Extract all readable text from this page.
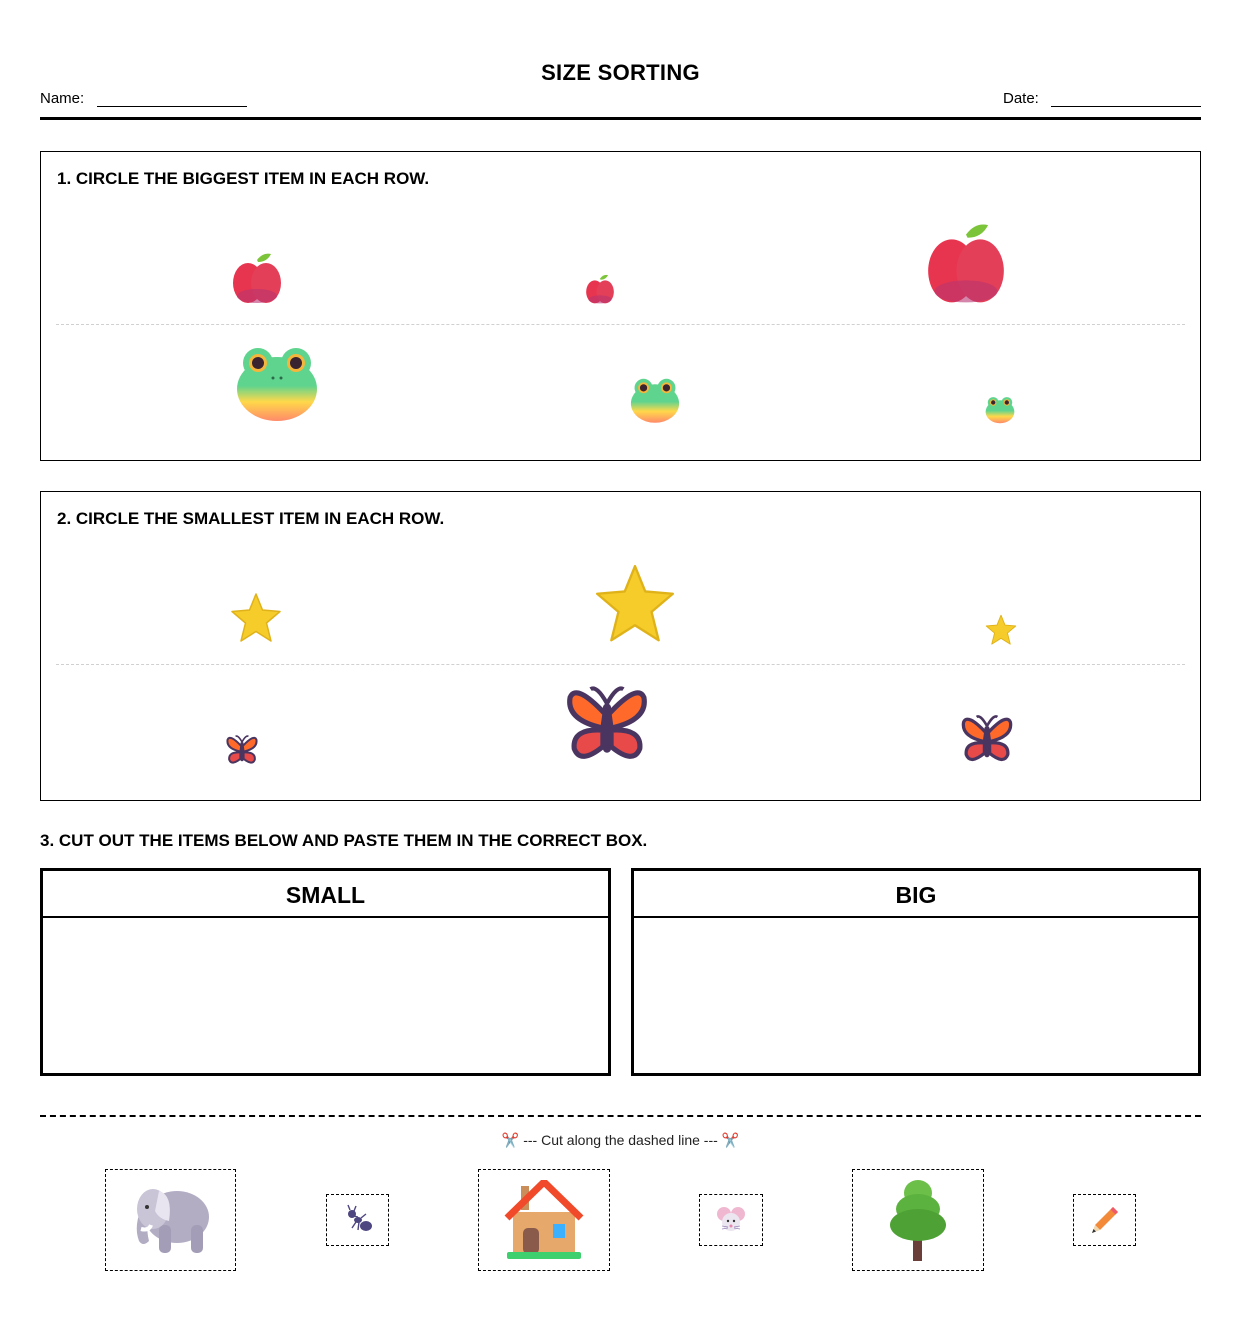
SIZE SORTING
Name:	Date:
1. CIRCLE THE BIGGEST ITEM IN EACH ROW.
2. CIRCLE THE SMALLEST ITEM IN EACH ROW.
3. CUT OUT THE ITEMS BELOW AND PASTE THEM IN THE CORRECT BOX.
SMALL	BIG
✂️ --- Cut along the dashed line --- ✂️
